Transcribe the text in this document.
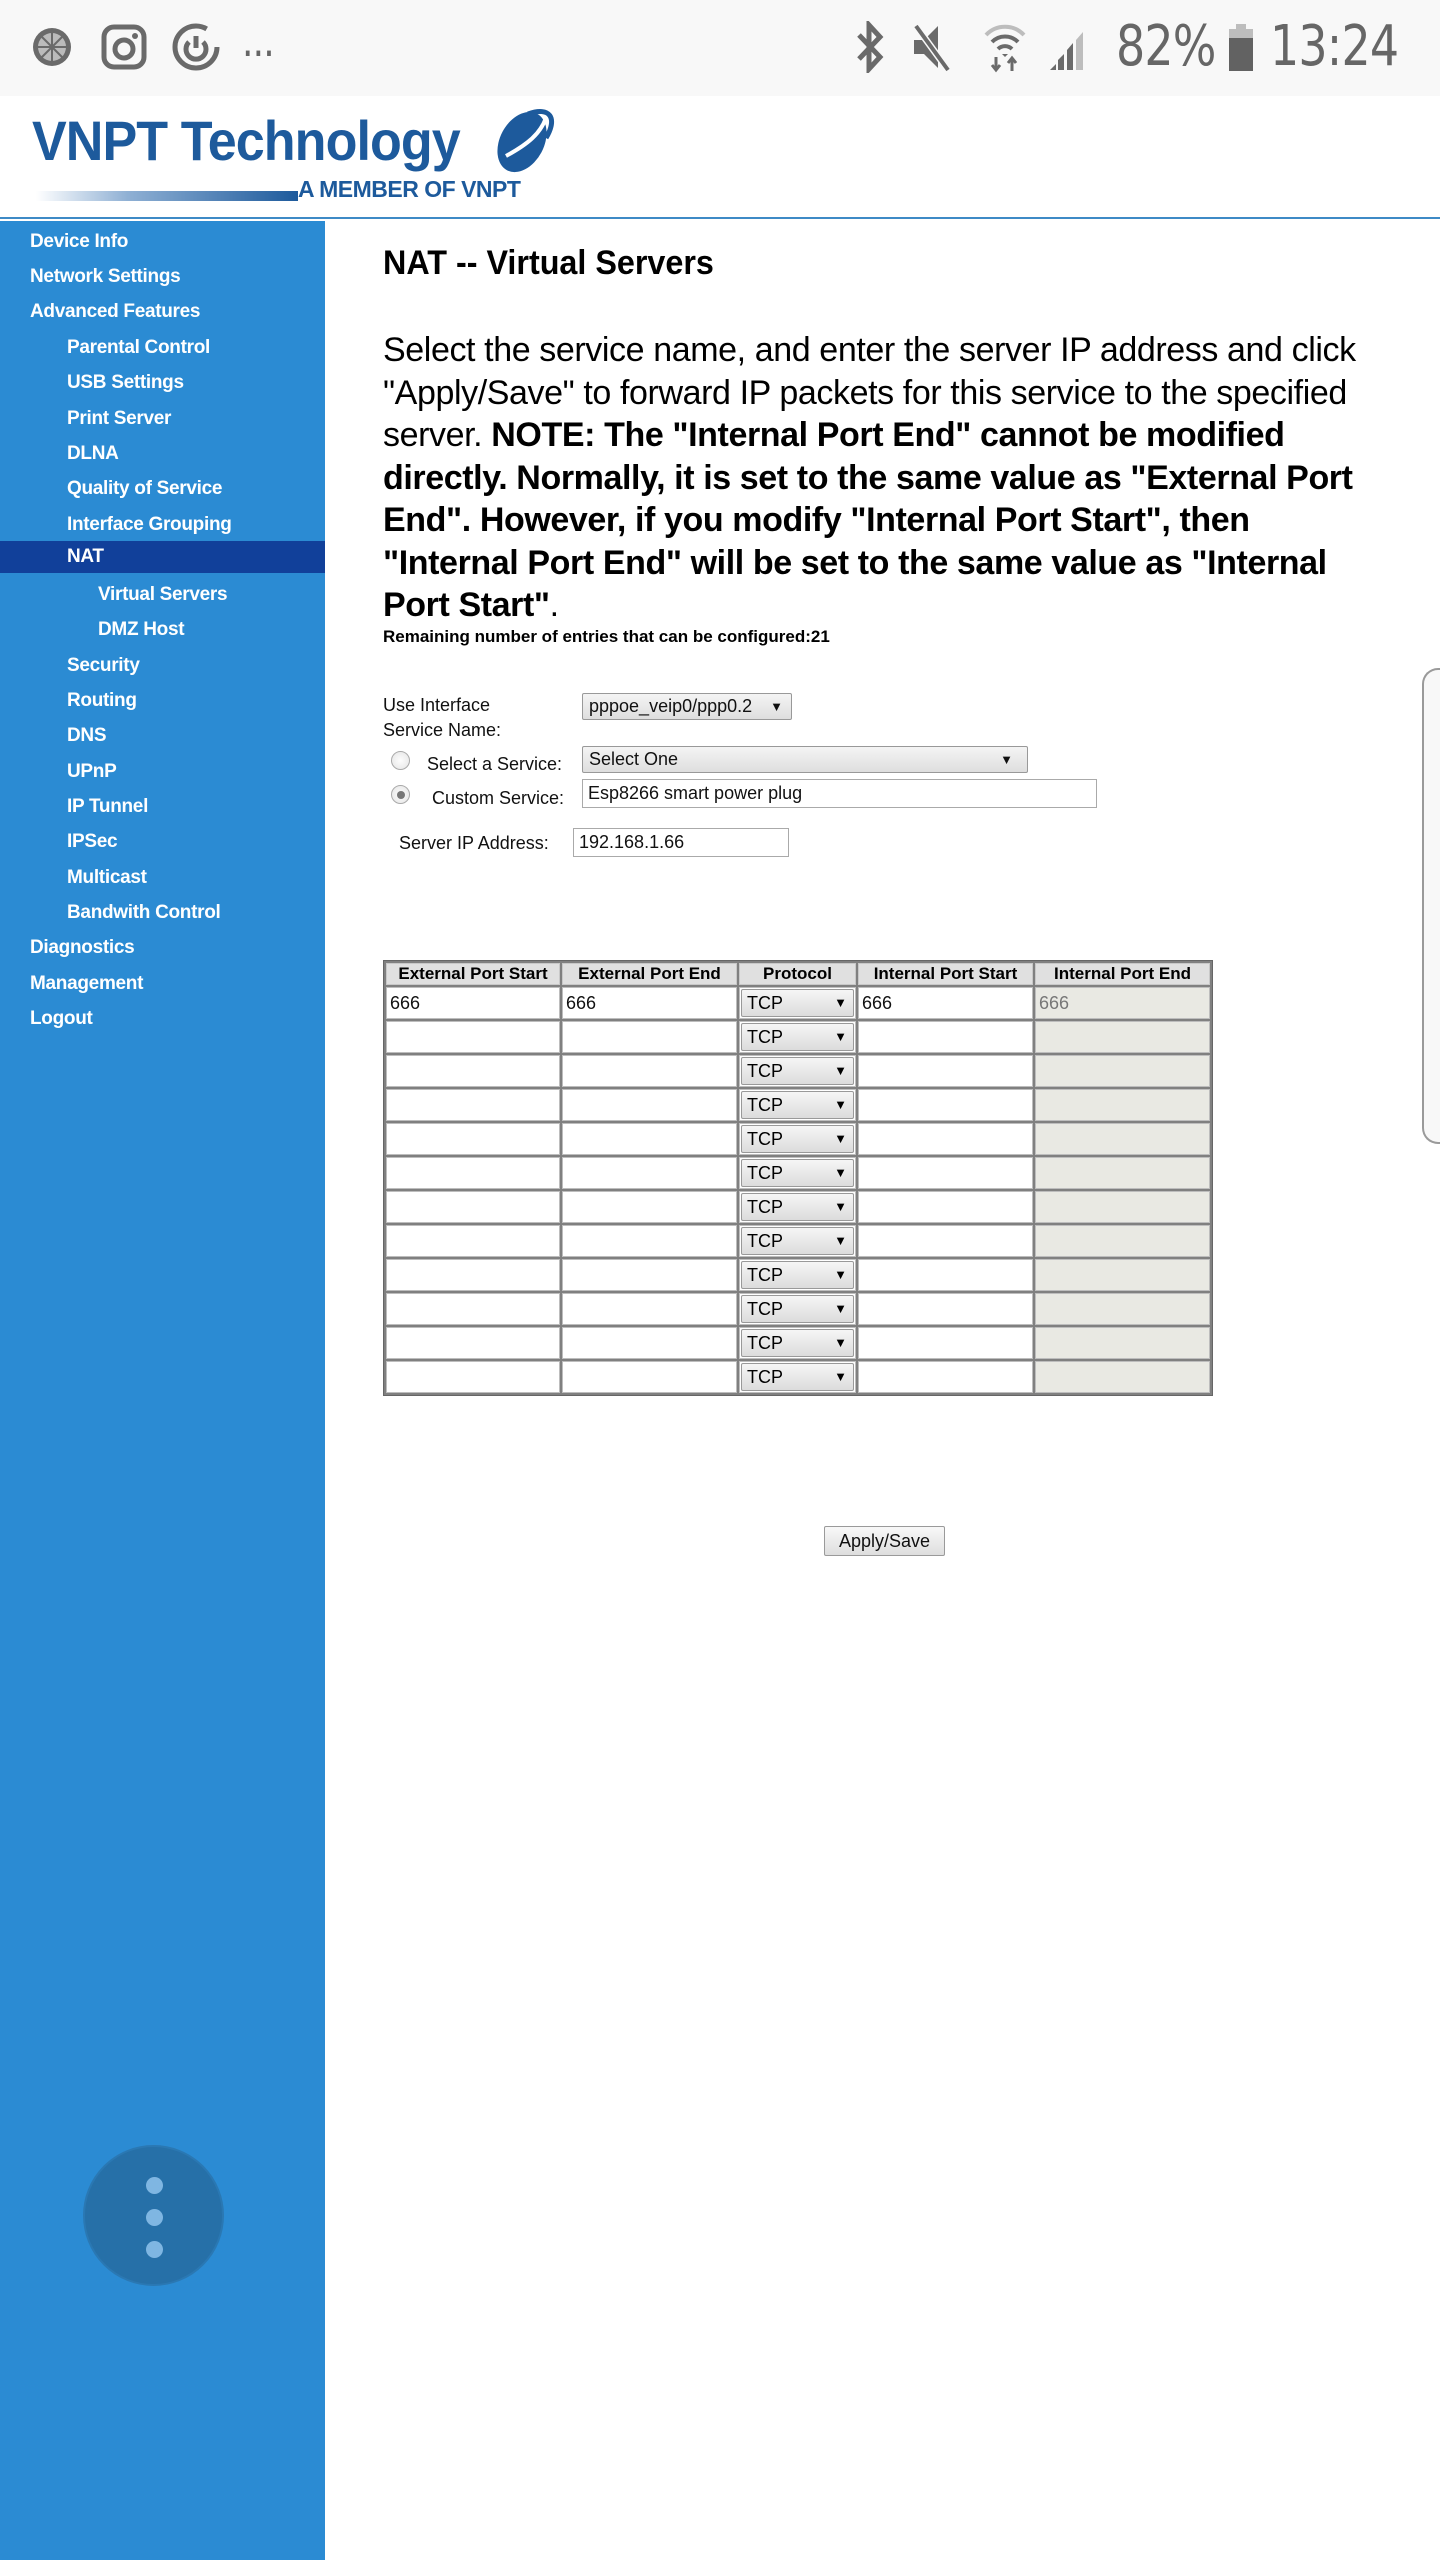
...	82% 13:24
VNPT Technology
A MEMBER OF VNPT
Device Info
Network Settings
Advanced Features
Parental Control
USB Settings
Print Server
DLNA
Quality of Service
Interface Grouping
NAT
Virtual Servers
DMZ Host
Security
Routing
DNS
UPnP
IP Tunnel
IPSec
Multicast
Bandwith Control
Diagnostics
Management
Logout
NAT -- Virtual Servers
Select the service name, and enter the server IP address and click "Apply/Save" to forward IP packets for this service to the specified server. NOTE: The "Internal Port End" cannot be modified directly. Normally, it is set to the same value as "External Port End". However, if you modify "Internal Port Start", then "Internal Port End" will be set to the same value as "Internal Port Start".
Remaining number of entries that can be configured:21
Use Interface	pppoe_veip0/ppp0.2 ▼
Service Name:
Select a Service:	Select One	▼
Custom Service:	Esp8266 smart power plug
Server IP Address:	192.168.1.66
External Port Start	External Port End	Protocol	Internal Port Start	Internal Port End

666	666	TCP ▼	666	666

		TCP ▼		

		TCP ▼		

		TCP ▼		

		TCP ▼		

		TCP ▼		

		TCP ▼		

		TCP ▼		

		TCP ▼		

		TCP ▼		

		TCP ▼		

		TCP ▼		

Apply/Save
